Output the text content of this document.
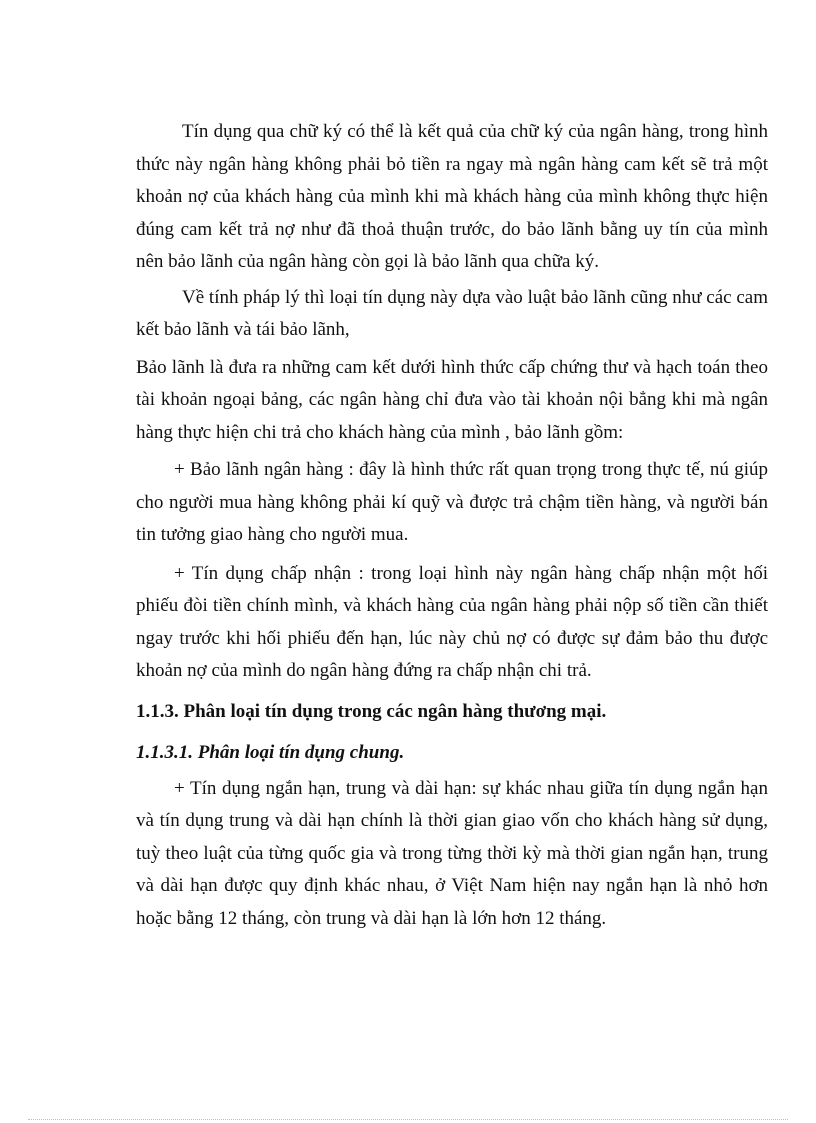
Tín dụng qua chữ ký có thể là kết quả của chữ ký của ngân hàng, trong hình thức này ngân hàng không phải bỏ tiền ra ngay mà ngân hàng cam kết sẽ trả một khoản nợ của khách hàng của mình khi mà khách hàng của mình không thực hiện đúng cam kết trả nợ như đã thoả thuận trước, do bảo lãnh bằng uy tín của mình nên bảo lãnh của ngân hàng còn gọi là bảo lãnh qua chữa ký.

Về tính pháp lý thì loại tín dụng này dựa vào luật bảo lãnh cũng như các cam kết bảo lãnh và tái bảo lãnh,

Bảo lãnh là đưa ra những cam kết dưới hình thức cấp chứng thư và hạch toán theo tài khoản ngoại bảng, các ngân hàng chỉ đưa vào tài khoản nội bẳng khi mà ngân hàng thực hiện chi trả cho khách hàng của mình , bảo lãnh gồm:

+ Bảo lãnh ngân hàng : đây là hình thức rất quan trọng trong thực tế, nú giúp cho người mua hàng không phải kí quỹ và được trả chậm tiền hàng, và người bán tin tưởng giao hàng cho người mua.

+ Tín dụng chấp nhận : trong loại hình này ngân hàng chấp nhận một hối phiếu đòi tiền chính mình, và khách hàng của ngân hàng phải nộp số tiền cần thiết ngay trước khi hối phiếu đến hạn, lúc này chủ nợ có được sự đảm bảo thu được khoản nợ của mình do ngân hàng đứng ra chấp nhận chi trả.

1.1.3. Phân loại tín dụng trong các ngân hàng thương mại.
1.1.3.1. Phân loại tín dụng chung.

+ Tín dụng ngắn hạn, trung và dài hạn: sự khác nhau giữa tín dụng ngắn hạn và tín dụng trung và dài hạn chính là thời gian giao vốn cho khách hàng sử dụng, tuỳ theo luật của từng quốc gia và trong từng thời kỳ mà thời gian ngắn hạn, trung và dài hạn được quy định khác nhau, ở Việt Nam hiện nay ngắn hạn là nhỏ hơn hoặc bằng 12 tháng, còn trung và dài hạn là lớn hơn 12 tháng.
